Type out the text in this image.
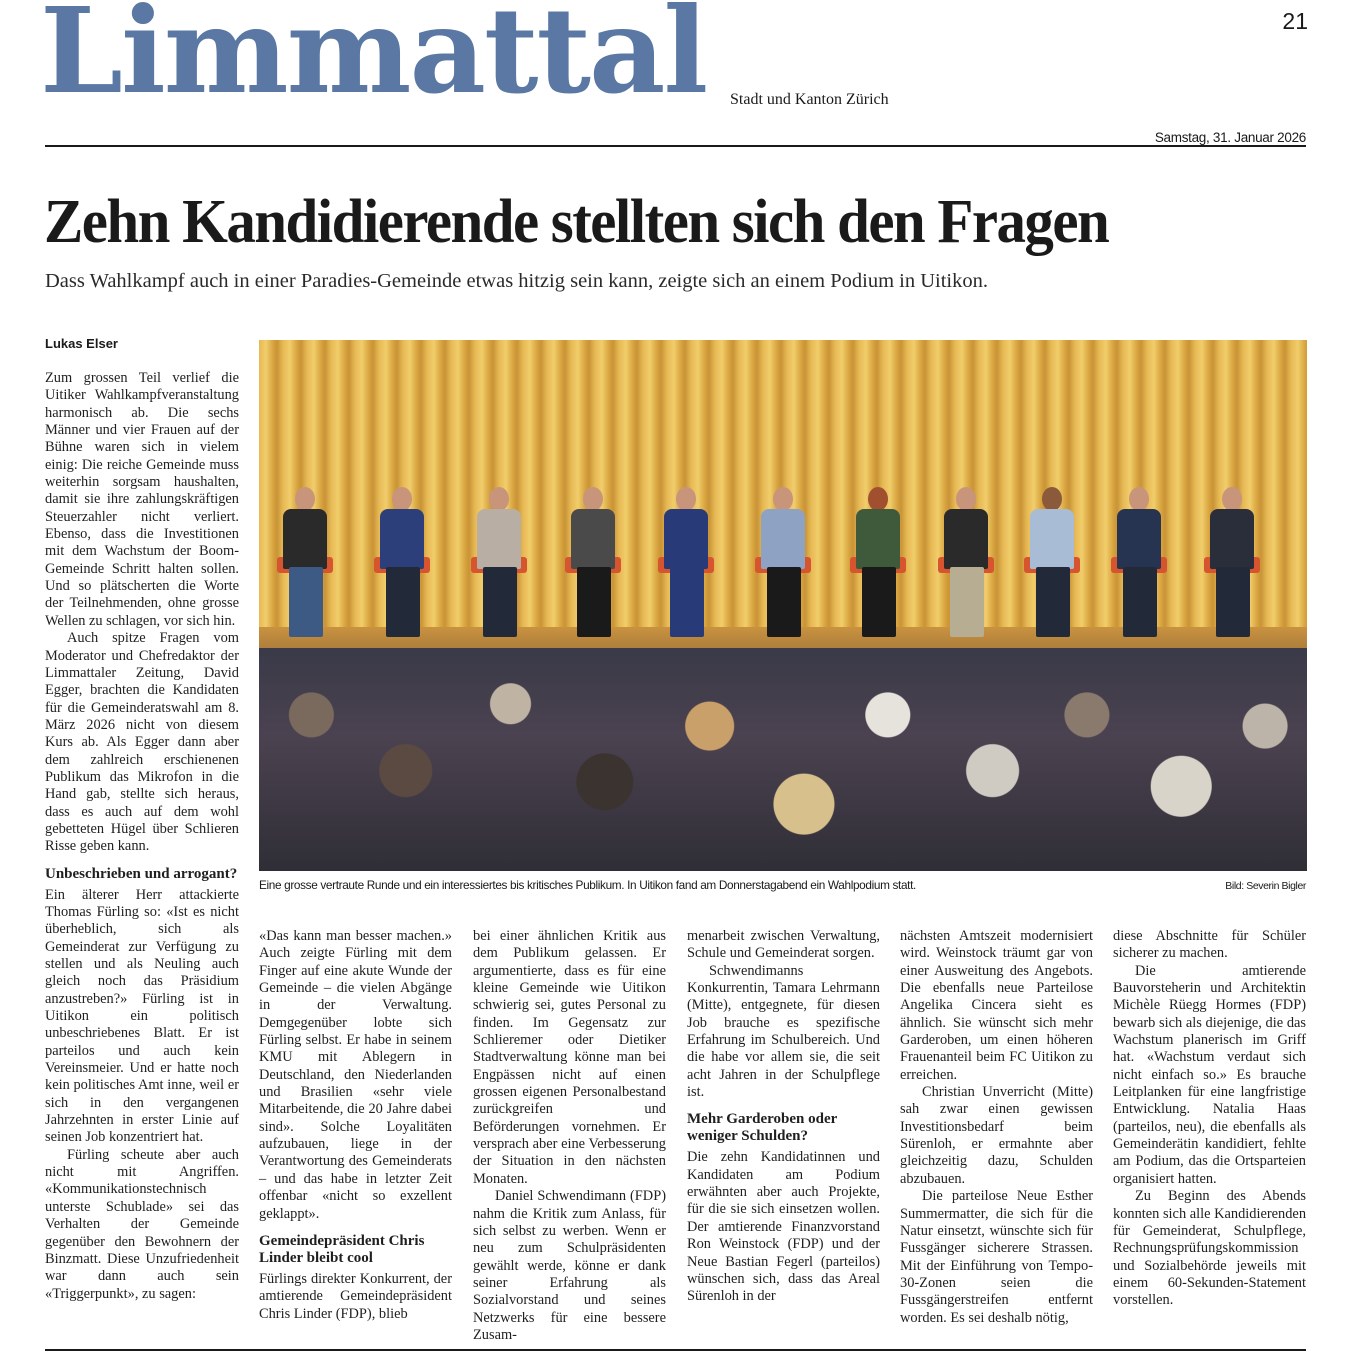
Limmattal	21
Stadt und Kanton Zürich
Samstag, 31. Januar 2026
Zehn Kandidierende stellten sich den Fragen
Dass Wahlkampf auch in einer Paradies-Gemeinde etwas hitzig sein kann, zeigte sich an einem Podium in Uitikon.
Lukas Elser

Zum grossen Teil verlief die Uitiker Wahlkampfveranstaltung harmonisch ab. Die sechs Männer und vier Frauen auf der Bühne waren sich in vielem einig: Die reiche Gemeinde muss weiterhin sorgsam haushalten, damit sie ihre zahlungskräftigen Steuerzahler nicht verliert. Ebenso, dass die Investitionen mit dem Wachstum der Boom-Gemeinde Schritt halten sollen. Und so plätscherten die Worte der Teilnehmenden, ohne grosse Wellen zu schlagen, vor sich hin.

Auch spitze Fragen vom Moderator und Chefredaktor der Limmattaler Zeitung, David Egger, brachten die Kandidaten für die Gemeinderatswahl am 8. März 2026 nicht von diesem Kurs ab. Als Egger dann aber dem zahlreich erschienenen Publikum das Mikrofon in die Hand gab, stellte sich heraus, dass es auch auf dem wohl gebetteten Hügel über Schlieren Risse geben kann.

Unbeschrieben und arrogant?

Ein älterer Herr attackierte Thomas Fürling so: «Ist es nicht überheblich, sich als Gemeinderat zur Verfügung zu stellen und als Neuling auch gleich noch das Präsidium anzustreben?» Fürling ist in Uitikon ein politisch unbeschriebenes Blatt. Er ist parteilos und auch kein Vereinsmeier. Und er hatte noch kein politisches Amt inne, weil er sich in den vergangenen Jahrzehnten in erster Linie auf seinen Job konzentriert hat.

Fürling scheute aber auch nicht mit Angriffen. «Kommunikationstechnisch unterste Schublade» sei das Verhalten der Gemeinde gegenüber den Bewohnern der Binzmatt. Diese Unzufriedenheit war dann auch sein «Triggerpunkt», zu sagen:

Eine grosse vertraute Runde und ein interessiertes bis kritisches Publikum. In Uitikon fand am Donnerstagabend ein Wahlpodium statt.	Bild: Severin Bigler

«Das kann man besser machen.» Auch zeigte Fürling mit dem Finger auf eine akute Wunde der Gemeinde – die vielen Abgänge in der Verwaltung. Demgegenüber lobte sich Fürling selbst. Er habe in seinem KMU mit Ablegern in Deutschland, den Niederlanden und Brasilien «sehr viele Mitarbeitende, die 20 Jahre dabei sind». Solche Loyalitäten aufzubauen, liege in der Verantwortung des Gemeinderats – und das habe in letzter Zeit offenbar «nicht so exzellent geklappt».

Gemeindepräsident Chris Linder bleibt cool

Fürlings direkter Konkurrent, der amtierende Gemeindepräsident Chris Linder (FDP), blieb

bei einer ähnlichen Kritik aus dem Publikum gelassen. Er argumentierte, dass es für eine kleine Gemeinde wie Uitikon schwierig sei, gutes Personal zu finden. Im Gegensatz zur Schlieremer oder Dietiker Stadtverwaltung könne man bei Engpässen nicht auf einen grossen eigenen Personalbestand zurückgreifen und Beförderungen vornehmen. Er versprach aber eine Verbesserung der Situation in den nächsten Monaten.

Daniel Schwendimann (FDP) nahm die Kritik zum Anlass, für sich selbst zu werben. Wenn er neu zum Schulpräsidenten gewählt werde, könne er dank seiner Erfahrung als Sozialvorstand und seines Netzwerks für eine bessere Zusam-

menarbeit zwischen Verwaltung, Schule und Gemeinderat sorgen.

Schwendimanns Konkurrentin, Tamara Lehrmann (Mitte), entgegnete, für diesen Job brauche es spezifische Erfahrung im Schulbereich. Und die habe vor allem sie, die seit acht Jahren in der Schulpflege ist.

Mehr Garderoben oder weniger Schulden?

Die zehn Kandidatinnen und Kandidaten am Podium erwähnten aber auch Projekte, für die sie sich einsetzen wollen. Der amtierende Finanzvorstand Ron Weinstock (FDP) und der Neue Bastian Fegerl (parteilos) wünschen sich, dass das Areal Sürenloh in der

nächsten Amtszeit modernisiert wird. Weinstock träumt gar von einer Ausweitung des Angebots. Die ebenfalls neue Parteilose Angelika Cincera sieht es ähnlich. Sie wünscht sich mehr Garderoben, um einen höheren Frauenanteil beim FC Uitikon zu erreichen.

Christian Unverricht (Mitte) sah zwar einen gewissen Investitionsbedarf beim Sürenloh, er ermahnte aber gleichzeitig dazu, Schulden abzubauen.

Die parteilose Neue Esther Summermatter, die sich für die Natur einsetzt, wünschte sich für Fussgänger sicherere Strassen. Mit der Einführung von Tempo-30-Zonen seien die Fussgängerstreifen entfernt worden. Es sei deshalb nötig,

diese Abschnitte für Schüler sicherer zu machen.

Die amtierende Bauvorsteherin und Architektin Michèle Rüegg Hormes (FDP) bewarb sich als diejenige, die das Wachstum planerisch im Griff hat. «Wachstum verdaut sich nicht einfach so.» Es brauche Leitplanken für eine langfristige Entwicklung. Natalia Haas (parteilos, neu), die ebenfalls als Gemeinderätin kandidiert, fehlte am Podium, das die Ortsparteien organisiert hatten.

Zu Beginn des Abends konnten sich alle Kandidierenden für Gemeinderat, Schulpflege, Rechnungsprüfungskommission und Sozialbehörde jeweils mit einem 60-Sekunden-Statement vorstellen.
